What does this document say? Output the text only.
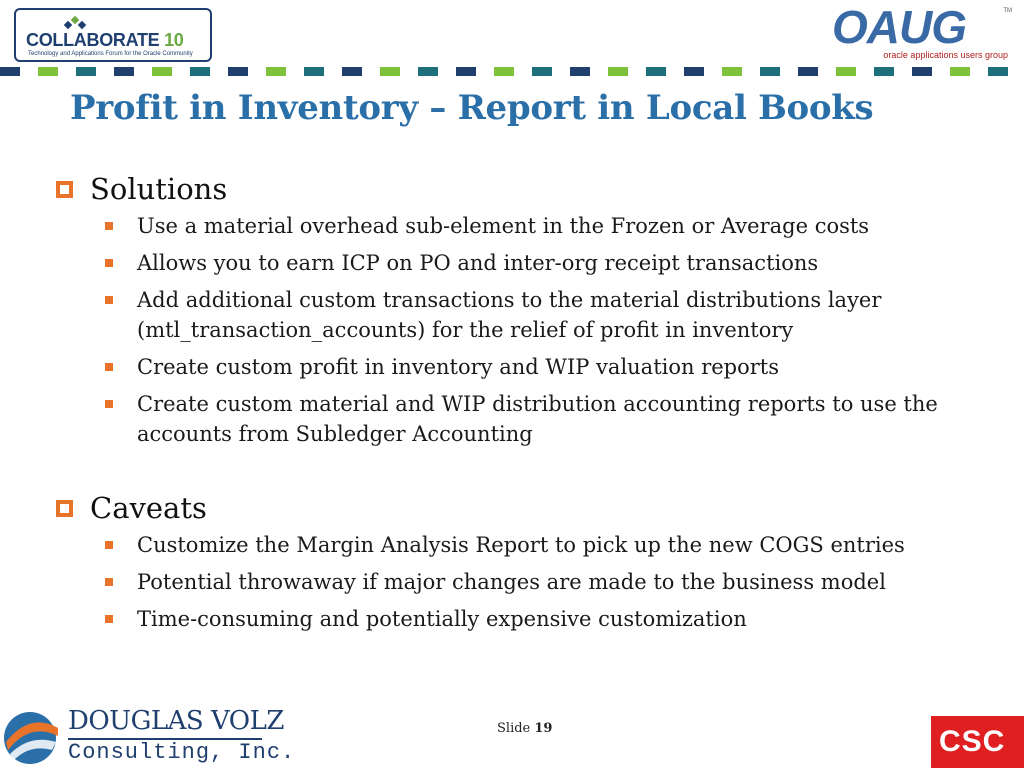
COLLABORATE 10
Technology and Applications Forum for the Oracle Community
OAUG	TM
oracle applications users group
Profit in Inventory – Report in Local Books
Solutions
Use a material overhead sub-element in the Frozen or Average costs
Allows you to earn ICP on PO and inter-org receipt transactions
Add additional custom transactions to the material distributions layer (mtl_transaction_accounts) for the relief of profit in inventory
Create custom profit in inventory and WIP valuation reports
Create custom material and WIP distribution accounting reports to use the accounts from Subledger Accounting
Caveats
Customize the Margin Analysis Report to pick up the new COGS entries
Potential throwaway if major changes are made to the business model
Time-consuming and potentially expensive customization
DOUGLAS VOLZ
Consulting, Inc.
Slide 19	CSC
